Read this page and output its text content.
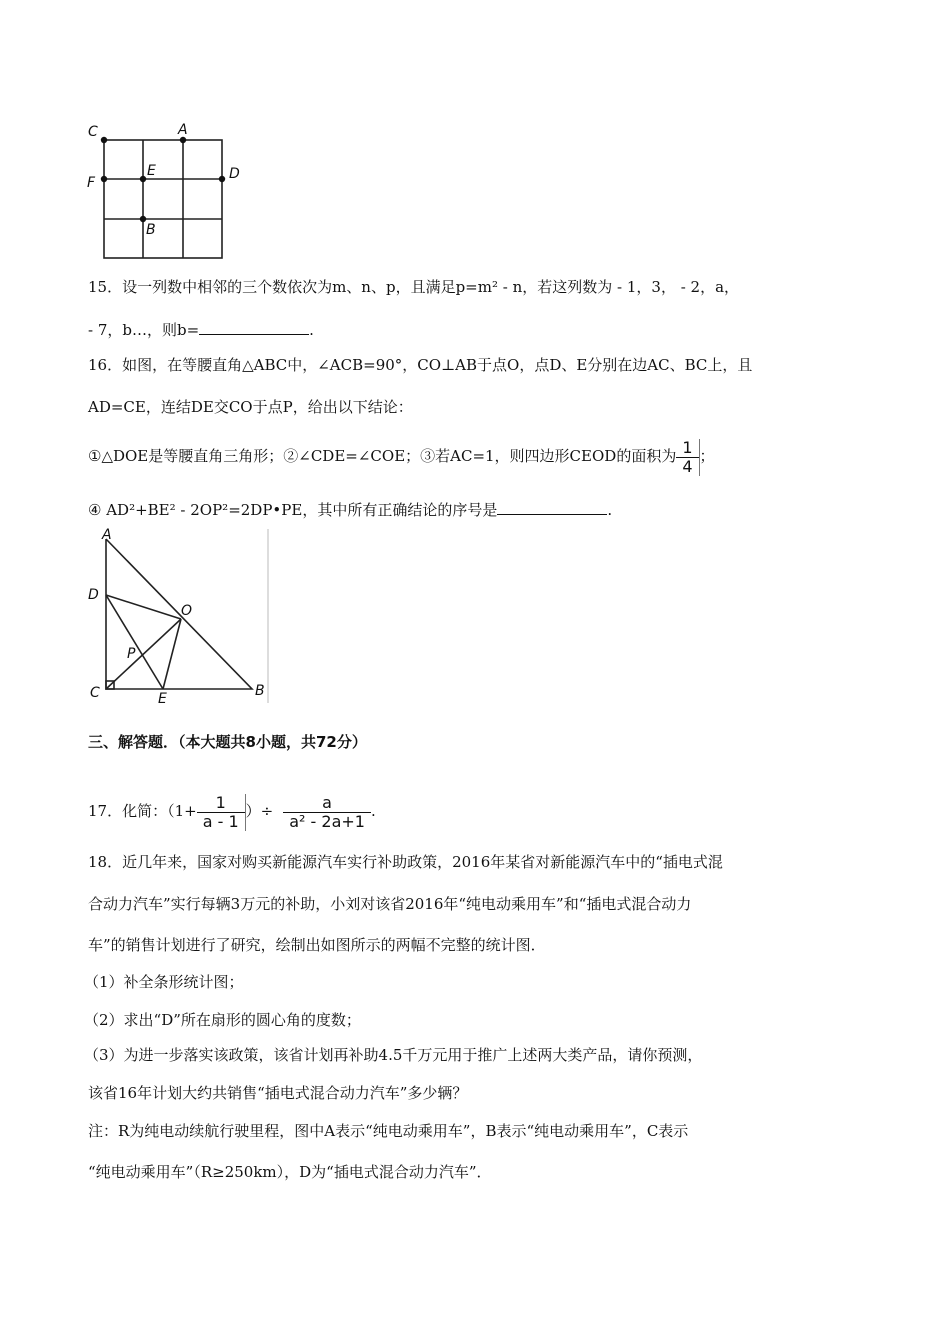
C	A
F
E	D
B
15．设一列数中相邻的三个数依次为m、n、p，且满足p=m² - n，若这列数为 - 1，3， - 2，a，
- 7，b…，则b=	.
16．如图，在等腰直角△ABC中，∠ACB=90°，CO⊥AB于点O，点D、E分别在边AC、BC上，且
AD=CE，连结DE交CO于点P，给出以下结论：
①△DOE是等腰直角三角形；②∠CDE=∠COE；③若AC=1，则四边形CEOD的面积为 $\frac{1}{4}$ ；
④ AD²+BE² - 2OP²=2DP•PE，其中所有正确结论的序号是	.
A
D
O
P
C	E	B
三、解答题．（本大题共8小题，共72分）
17．化简：（$1+ \frac{1}{a - 1}$ ）÷ $\frac{a}{\text{a² - 2a+1}}$ .
18．近几年来，国家对购买新能源汽车实行补助政策，2016年某省对新能源汽车中的“插电式混
合动力汽车”实行每辆3万元的补助，小刘对该省2016年“纯电动乘用车”和“插电式混合动力
车”的销售计划进行了研究，绘制出如图所示的两幅不完整的统计图．
（1）补全条形统计图；
（2）求出“D”所在扇形的圆心角的度数；
（3）为进一步落实该政策，该省计划再补助4.5千万元用于推广上述两大类产品，请你预测，
该省16年计划大约共销售“插电式混合动力汽车”多少辆？
注：R为纯电动续航行驶里程，图中A表示“纯电动乘用车”，B表示“纯电动乘用车”，C表示
“纯电动乘用车”（R≥250km），D为“插电式混合动力汽车”．
